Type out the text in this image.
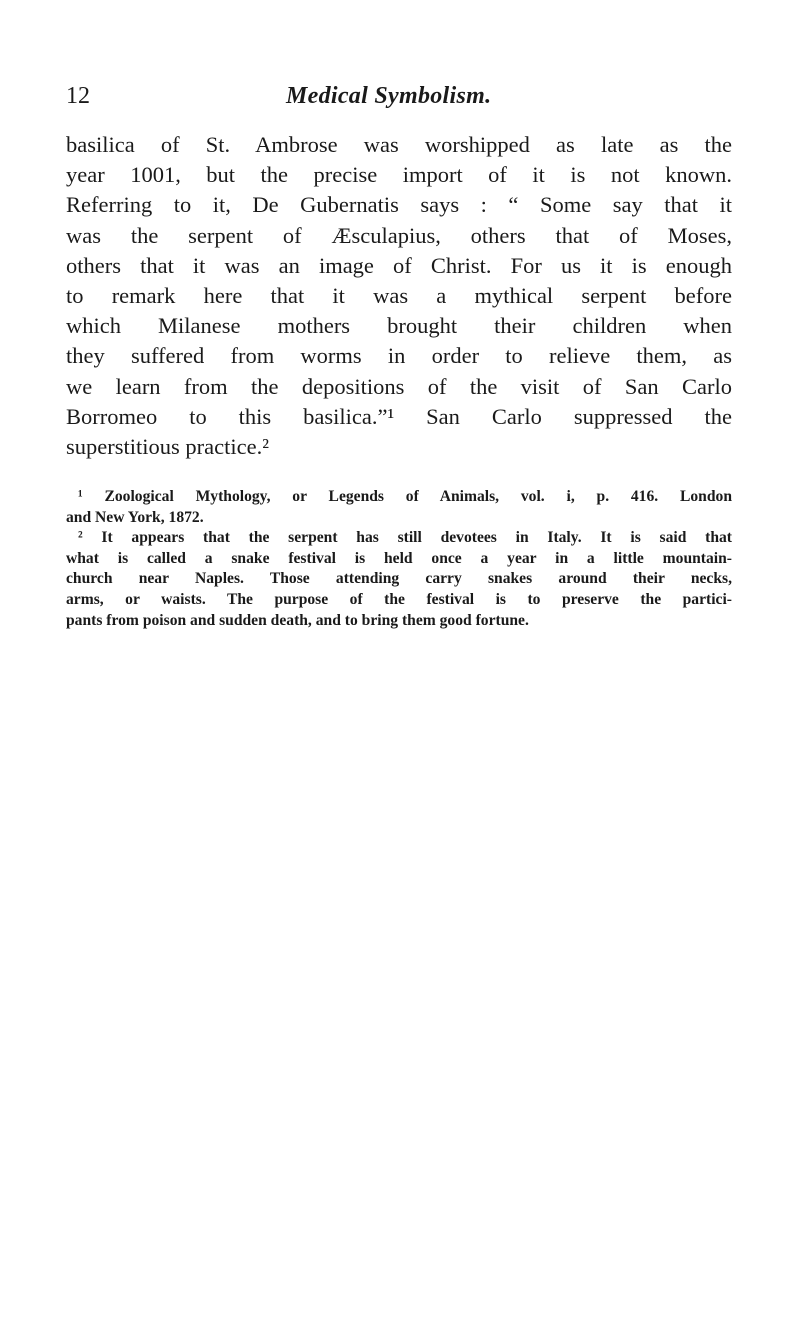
12	Medical Symbolism.
basilica of St. Ambrose was worshipped as late as the
year 1001, but the precise import of it is not known.
Referring to it, De Gubernatis says : “ Some say that it
was the serpent of Æsculapius, others that of Moses,
others that it was an image of Christ. For us it is enough
to remark here that it was a mythical serpent before
which Milanese mothers brought their children when
they suffered from worms in order to relieve them, as
we learn from the depositions of the visit of San Carlo
Borromeo to this basilica.”¹ San Carlo suppressed the
superstitious practice.²
¹ Zoological Mythology, or Legends of Animals, vol. i, p. 416. London
and New York, 1872.
² It appears that the serpent has still devotees in Italy. It is said that
what is called a snake festival is held once a year in a little mountain-
church near Naples. Those attending carry snakes around their necks,
arms, or waists. The purpose of the festival is to preserve the partici-
pants from poison and sudden death, and to bring them good fortune.
